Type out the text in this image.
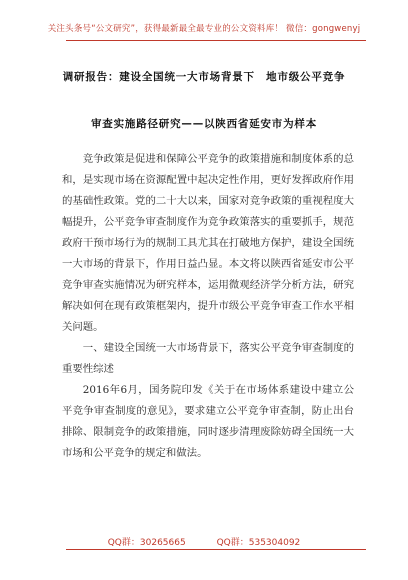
关注头条号“公文研究”，获得最新最全最专业的公文资料库！ 微信：gongwenyj
调研报告：建设全国统一大市场背景下　地市级公平竞争
审查实施路径研究——以陕西省延安市为样本

竞争政策是促进和保障公平竞争的政策措施和制度体系的总和，是实现市场在资源配置中起决定性作用，更好发挥政府作用的基础性政策。党的二十大以来，国家对竞争政策的重视程度大幅提升，公平竞争审查制度作为竞争政策落实的重要抓手，规范政府干预市场行为的规制工具尤其在打破地方保护，建设全国统一大市场的背景下，作用日益凸显。本文将以陕西省延安市公平竞争审查实施情况为研究样本，运用微观经济学分析方法，研究解决如何在现有政策框架内，提升市级公平竞争审查工作水平相关问题。

一、建设全国统一大市场背景下，落实公平竞争审查制度的重要性综述

2016年6月，国务院印发《关于在市场体系建设中建立公平竞争审查制度的意见》，要求建立公平竞争审查制，防止出台排除、限制竞争的政策措施，同时逐步清理废除妨碍全国统一大市场和公平竞争的规定和做法。

QQ群：30265665	QQ群：535304092
